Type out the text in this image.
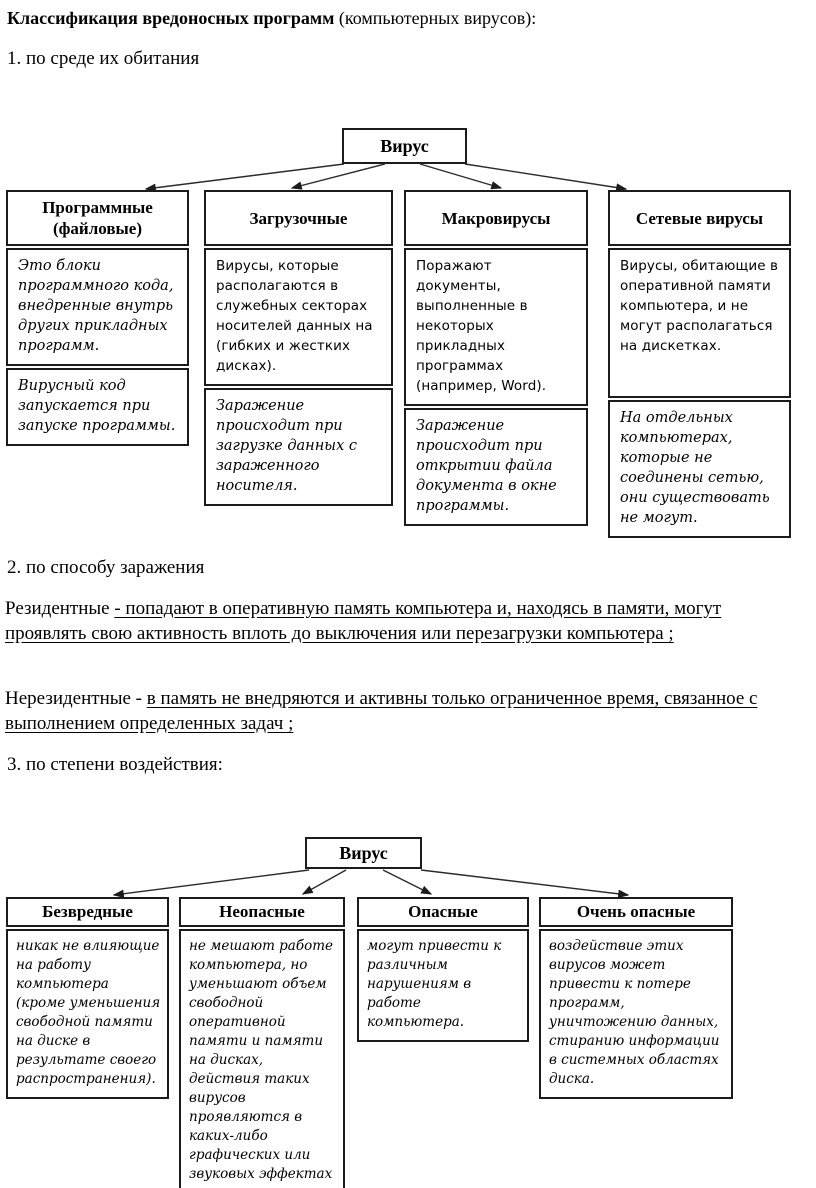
Классификация вредоносных программ (компьютерных вирусов):
1. по среде их обитания
Вирус
Программные (файловые)
Это блоки программного кода, внедренные внутрь других прикладных программ.
Вирусный код запускается при запуске программы.
Загрузочные
Вирусы, которые располагаются в служебных секторах носителей данных на (гибких и жестких дисках).
Заражение происходит при загрузке данных с зараженного носителя.
Макровирусы
Поражают документы, выполненные в некоторых прикладных программах (например, Word).
Заражение происходит при открытии файла документа в окне программы.
Сетевые вирусы
Вирусы, обитающие в оперативной памяти компьютера, и не могут располагаться на дискетках.
На отдельных компьютерах, которые не соединены сетью, они существовать не могут.
2. по способу заражения
Резидентные - попадают в оперативную память компьютера и, находясь в памяти, могут проявлять свою активность вплоть до выключения или перезагрузки компьютера ;
Нерезидентные - в память не внедряются и активны только ограниченное время, связанное с выполнением определенных задач ;
3. по степени воздействия:
Вирус
Безвредные
никак не влияющие на работу компьютера (кроме уменьшения свободной памяти на диске в результате своего распространения).
Неопасные
не мешают работе компьютера, но уменьшают объем свободной оперативной памяти и памяти на дисках, действия таких вирусов проявляются в каких-либо графических или звуковых эффектах
Опасные
могут привести к различным нарушениям в работе компьютера.
Очень опасные
воздействие этих вирусов может привести к потере программ, уничтожению данных, стиранию информации в системных областях диска.
